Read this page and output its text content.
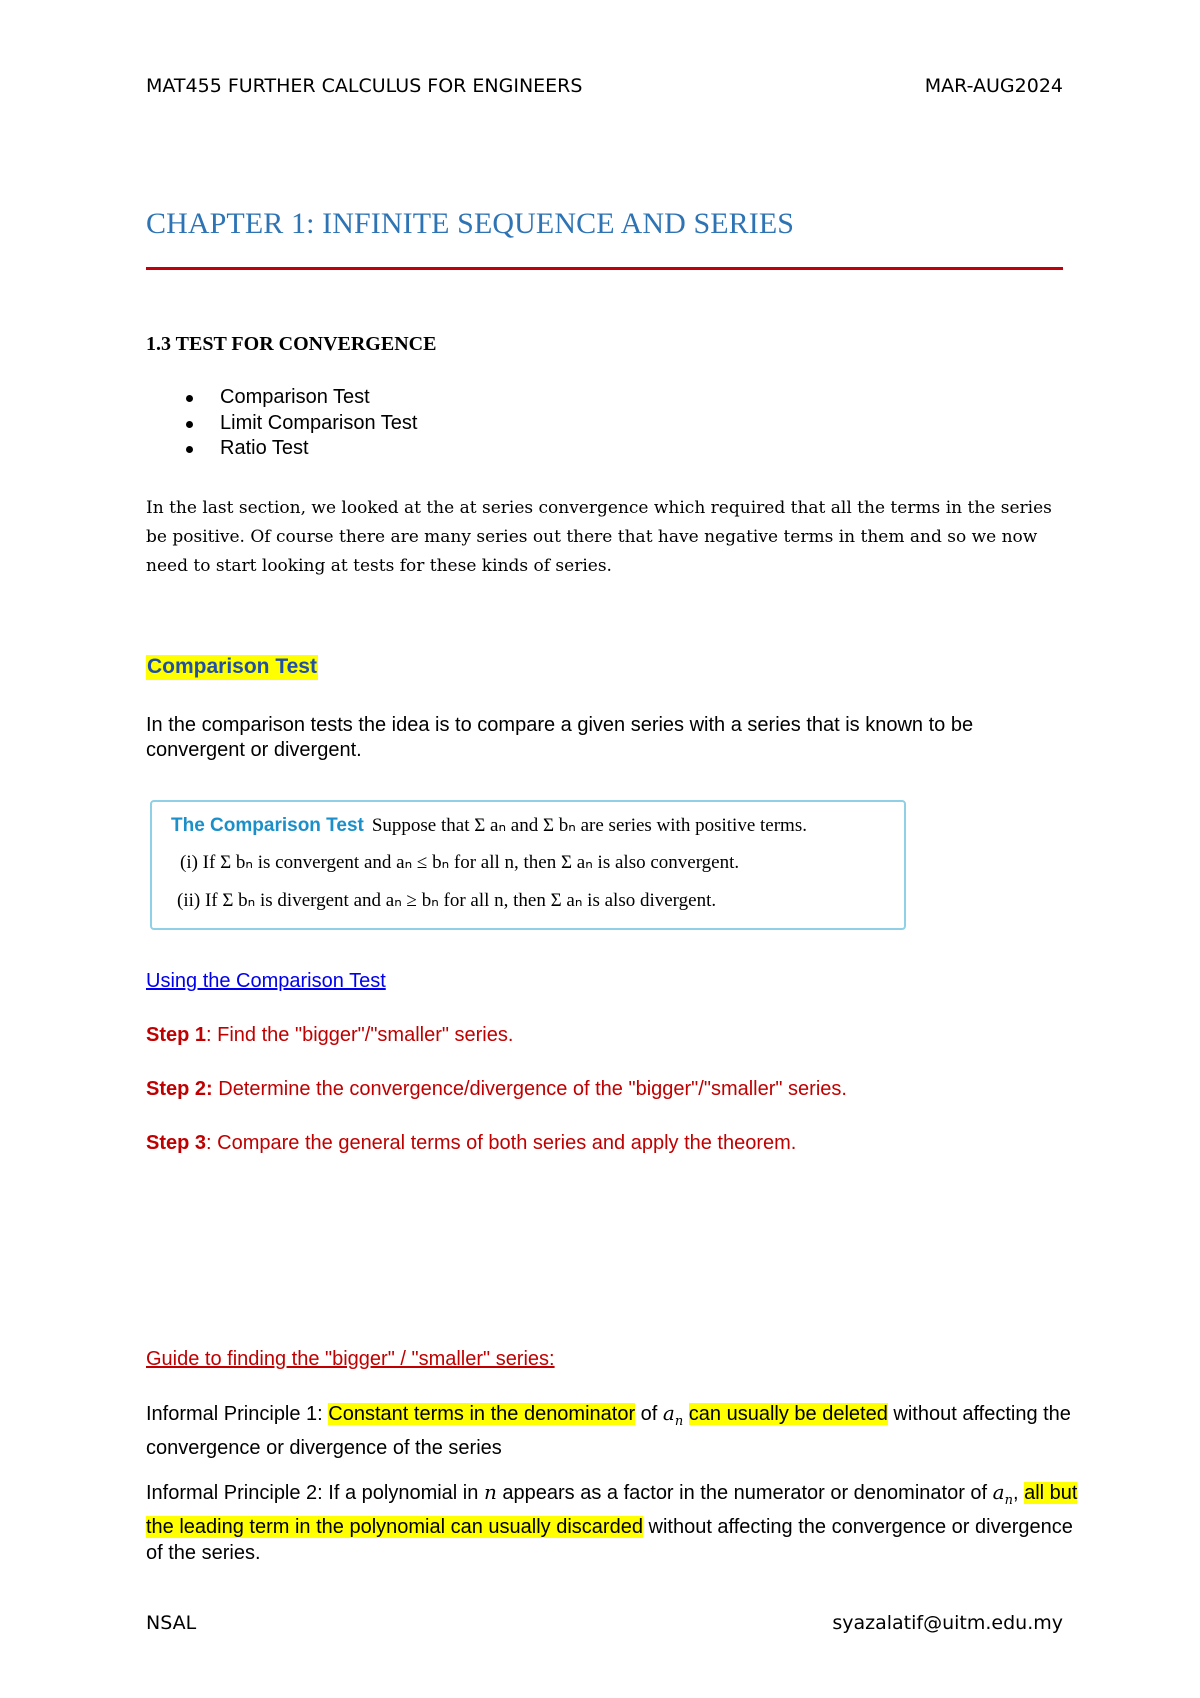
MAT455 FURTHER CALCULUS FOR ENGINEERS	MAR-AUG2024
CHAPTER 1: INFINITE SEQUENCE AND SERIES
1.3 TEST FOR CONVERGENCE
Comparison Test
Limit Comparison Test
Ratio Test
In the last section, we looked at the at series convergence which required that all the terms in the series be positive. Of course there are many series out there that have negative terms in them and so we now need to start looking at tests for these kinds of series.
Comparison Test
In the comparison tests the idea is to compare a given series with a series that is known to be convergent or divergent.
The Comparison Test Suppose that Σ aₙ and Σ bₙ are series with positive terms.
(i) If Σ bₙ is convergent and aₙ ≤ bₙ for all n, then Σ aₙ is also convergent.
(ii) If Σ bₙ is divergent and aₙ ≥ bₙ for all n, then Σ aₙ is also divergent.
Using the Comparison Test
Step 1: Find the "bigger"/"smaller" series.
Step 2: Determine the convergence/divergence of the "bigger"/"smaller" series.
Step 3: Compare the general terms of both series and apply the theorem.
Guide to finding the "bigger" / "smaller" series:
Informal Principle 1: Constant terms in the denominator of $a_n$ can usually be deleted without affecting the convergence or divergence of the series
Informal Principle 2: If a polynomial in n appears as a factor in the numerator or denominator of $a_n$, all but the leading term in the polynomial can usually discarded without affecting the convergence or divergence of the series.
NSAL	syazalatif@uitm.edu.my
